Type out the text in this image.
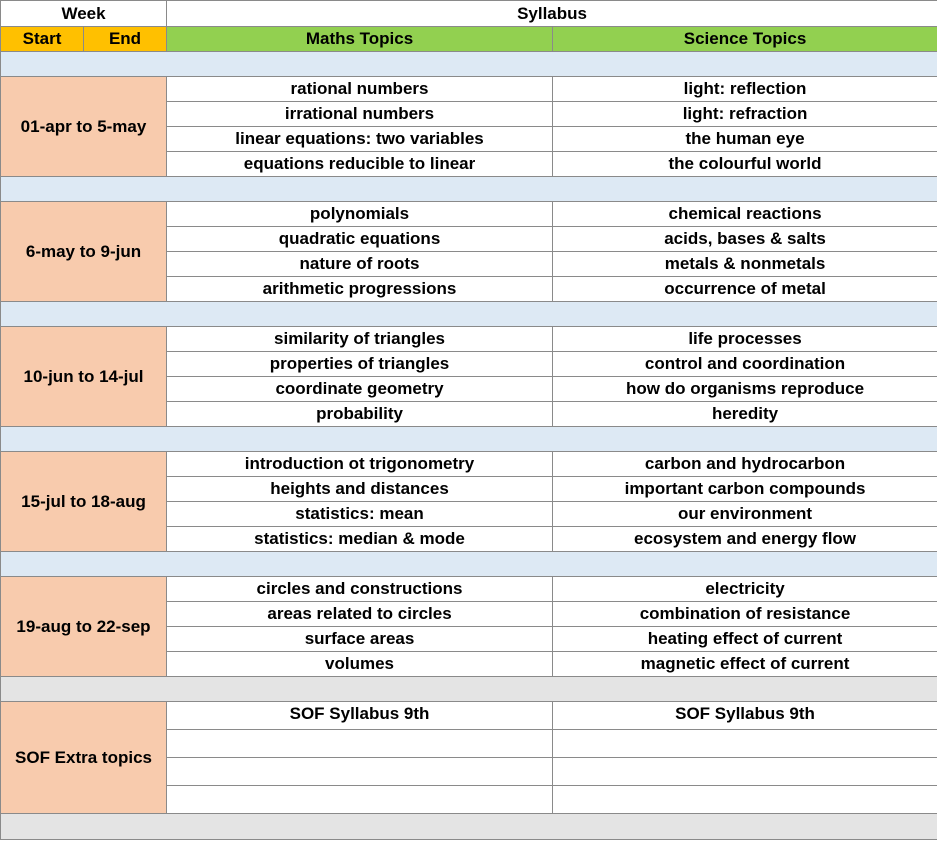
Week		Syllabus	
Start	End	Maths Topics	Science Topics

01-apr to 5-may		rational numbers	light: reflection
		irrational numbers	light: refraction
		linear equations: two variables	the human eye
		equations reducible to linear	the colourful world

6-may to 9-jun		polynomials	chemical reactions
		quadratic equations	acids, bases & salts
		nature of roots	metals & nonmetals
		arithmetic progressions	occurrence of metal

10-jun to 14-jul		similarity of triangles	life processes
		properties of triangles	control and coordination
		coordinate geometry	how do organisms reproduce
		probability	heredity

15-jul to 18-aug		introduction ot trigonometry	carbon and hydrocarbon
		heights and distances	important carbon compounds
		statistics: mean	our environment
		statistics: median & mode	ecosystem and energy flow

19-aug to 22-sep		circles and constructions	electricity
		areas related to circles	combination of resistance
		surface areas	heating effect of current
		volumes	magnetic effect of current

SOF Extra topics		SOF Syllabus 9th	SOF Syllabus 9th
